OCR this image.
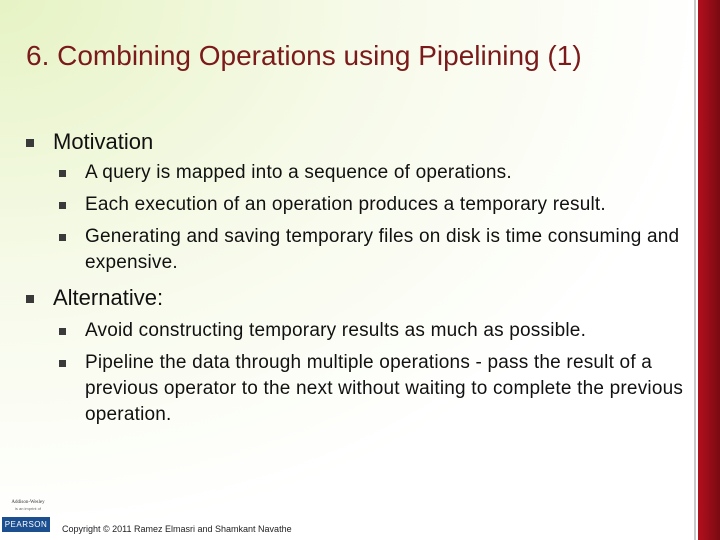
6. Combining Operations using Pipelining (1)
Motivation
A query is mapped into a sequence of operations.
Each execution of an operation produces a temporary result.
Generating and saving temporary files on disk is time consuming and expensive.
Alternative:
Avoid constructing temporary results as much as possible.
Pipeline the data through multiple operations - pass the result of a previous operator to the next without waiting to complete the previous operation.
Addison-Wesley
is an imprint of
PEARSON Copyright © 2011 Ramez Elmasri and Shamkant Navathe
